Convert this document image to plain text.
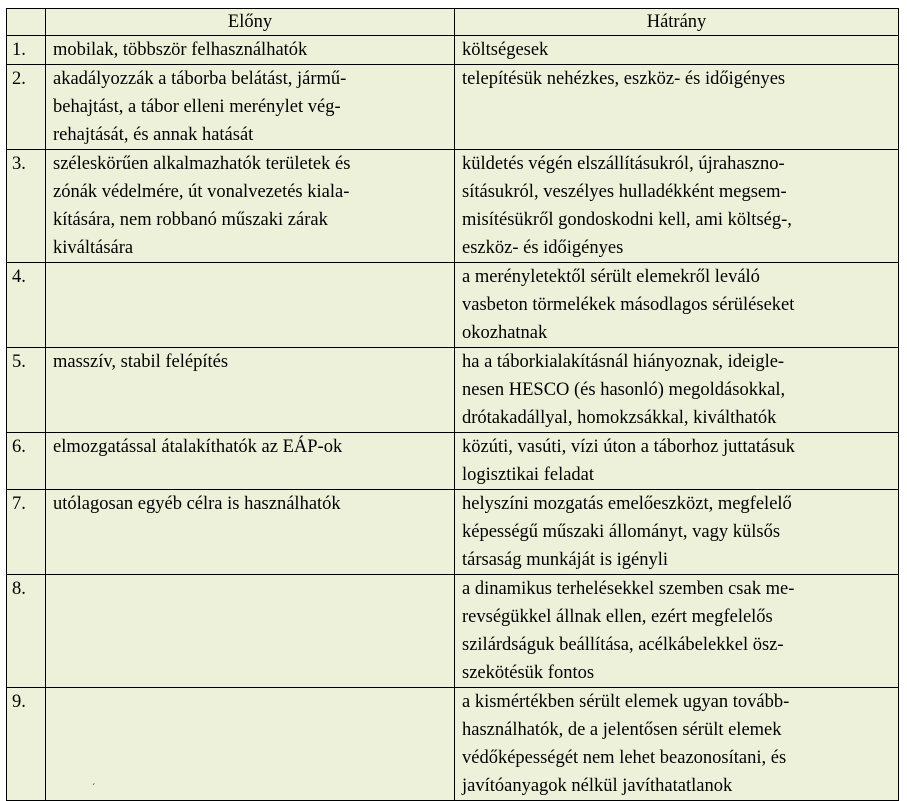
	Előny	Hátrány
1.	mobilak, többször felhasználhatók	költségesek

2.	akadályozzák a táborba belátást, jármű-
behajtást, a tábor elleni merénylet vég-
rehajtását, és annak hatását	telepítésük nehézkes, eszköz- és időigényes

3.	széleskörűen alkalmazhatók területek és
zónák védelmére, út vonalvezetés kiala-
kítására, nem robbanó műszaki zárak
kiváltására	küldetés végén elszállításukról, újrahaszno-
sításukról, veszélyes hulladékként megsem-
misítésükről gondoskodni kell, ami költség-,
eszköz- és időigényes

4.		a merényletektől sérült elemekről leváló
vasbeton törmelékek másodlagos sérüléseket
okozhatnak

5.	masszív, stabil felépítés	ha a táborkialakításnál hiányoznak, ideigle-
nesen HESCO (és hasonló) megoldásokkal,
drótakadállyal, homokzsákkal, kiválthatók

6.	elmozgatással átalakíthatók az EÁP-ok	közúti, vasúti, vízi úton a táborhoz juttatásuk
logisztikai feladat

7.	utólagosan egyéb célra is használhatók	helyszíni mozgatás emelőeszközt, megfelelő
képességű műszaki állományt, vagy külsős
társaság munkáját is igényli

8.		a dinamikus terhelésekkel szemben csak me-
revségükkel állnak ellen, ezért megfelelős
szilárdságuk beállítása, acélkábelekkel ösz-
szekötésük fontos

9.		a kismértékben sérült elemek ugyan tovább-
használhatók, de a jelentősen sérült elemek
védőképességét nem lehet beazonosítani, és
javítóanyagok nélkül javíthatatlanok
ˊ
